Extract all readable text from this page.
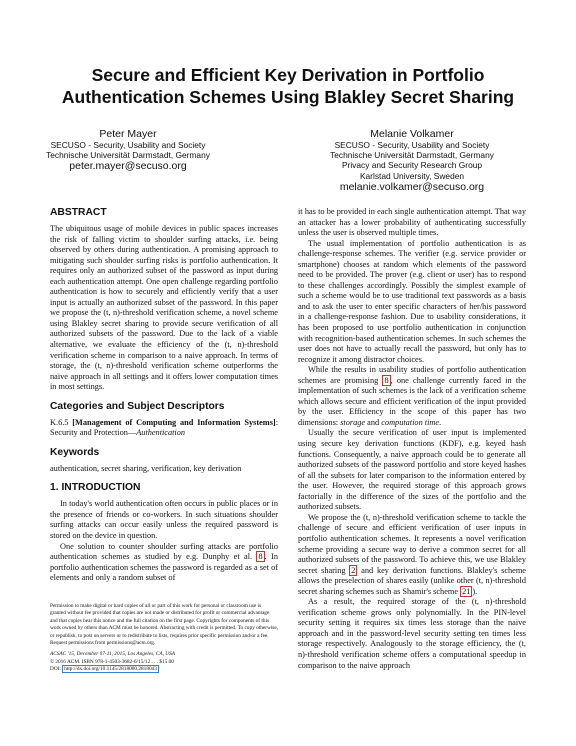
Secure and Efficient Key Derivation in Portfolio
Authentication Schemes Using Blakley Secret Sharing
Peter Mayer
SECUSO - Security, Usability and Society
Technische Universität Darmstadt, Germany
peter.mayer@secuso.org
Melanie Volkamer
SECUSO - Security, Usability and Society
Technische Universität Darmstadt, Germany
Privacy and Security Research Group
Karlstad University, Sweden
melanie.volkamer@secuso.org
ABSTRACT

The ubiquitous usage of mobile devices in public spaces increases the risk of falling victim to shoulder surfing attacks, i.e. being observed by others during authentication. A promising approach to mitigating such shoulder surfing risks is portfolio authentication. It requires only an authorized subset of the password as input during each authentication attempt. One open challenge regarding portfolio authentication is how to securely and efficiently verify that a user input is actually an authorized subset of the password. In this paper we propose the (t, n)-threshold verification scheme, a novel scheme using Blakley secret sharing to provide secure verification of all authorized subsets of the password. Due to the lack of a viable alternative, we evaluate the efficiency of the (t, n)-threshold verification scheme in comparison to a naive approach. In terms of storage, the (t, n)-threshold verification scheme outperforms the naive approach in all settings and it offers lower computation times in most settings.

Categories and Subject Descriptors

K.6.5 [Management of Computing and Information Systems]: Security and Protection—Authentication

Keywords

authentication, secret sharing, verification, key derivation

1. INTRODUCTION

In today's world authentication often occurs in public places or in the presence of friends or co-workers. In such situations shoulder surfing attacks can occur easily unless the required password is stored on the device in question.

One solution to counter shoulder surfing attacks are portfolio authentication schemes as studied by e.g. Dunphy et al. 8 . In portfolio authentication schemes the password is regarded as a set of elements and only a random subset of

it has to be provided in each single authentication attempt. That way an attacker has a lower probability of authenticating successfully unless the user is observed multiple times.

The usual implementation of portfolio authentication is as challenge-response schemes. The verifier (e.g. service provider or smartphone) chooses at random which elements of the password need to be provided. The prover (e.g. client or user) has to respond to these challenges accordingly. Possibly the simplest example of such a scheme would be to use traditional text passwords as a basis and to ask the user to enter specific characters of her/his password in a challenge-response fashion. Due to usability considerations, it has been proposed to use portfolio authentication in conjunction with recognition-based authentication schemes. In such schemes the user does not have to actually recall the password, but only has to recognize it among distractor choices.

While the results in usability studies of portfolio authentication schemes are promising 8 , one challenge currently faced in the implementation of such schemes is the lack of a verification scheme which allows secure and efficient verification of the input provided by the user. Efficiency in the scope of this paper has two dimensions: storage and computation time.

Usually the secure verification of user input is implemented using secure key derivation functions (KDF), e.g. keyed hash functions. Consequently, a naive approach could be to generate all authorized subsets of the password portfolio and store keyed hashes of all the subsets for later comparison to the information entered by the user. However, the required storage of this approach grows factorially in the difference of the sizes of the portfolio and the authorized subsets.

We propose the (t, n)-threshold verification scheme to tackle the challenge of secure and efficient verification of user inputs in portfolio authentication schemes. It represents a novel verification scheme providing a secure way to derive a common secret for all authorized subsets of the password. To achieve this, we use Blakley secret sharing 2 and key derivation functions. Blakley's scheme allows the preselection of shares easily (unlike other (t, n)-threshold secret sharing schemes such as Shamir's scheme 21 ).

As a result, the required storage of the (t, n)-threshold verification scheme grows only polynomially. In the PIN-level security setting it requires six times less storage than the naive approach and in the password-level security setting ten times less storage respectively. Analogously to the storage efficiency, the (t, n)-threshold verification scheme offers a computational speedup in comparison to the naive approach

Permission to make digital or hard copies of all or part of this work for personal or classroom use is granted without fee provided that copies are not made or distributed for profit or commercial advantage and that copies bear this notice and the full citation on the first page. Copyrights for components of this work owned by others than ACM must be honored. Abstracting with credit is permitted. To copy otherwise, or republish, to post on servers or to redistribute to lists, requires prior specific permission and/or a fee. Request permissions from permissions@acm.org.
ACSAC '15, December 07-11, 2015, Los Angeles, CA, USA
© 2016 ACM. ISBN 978-1-4503-3682-6/15/12 . . . $15.00
DOI: http://dx.doi.org/10.1145/2818000.2818043
